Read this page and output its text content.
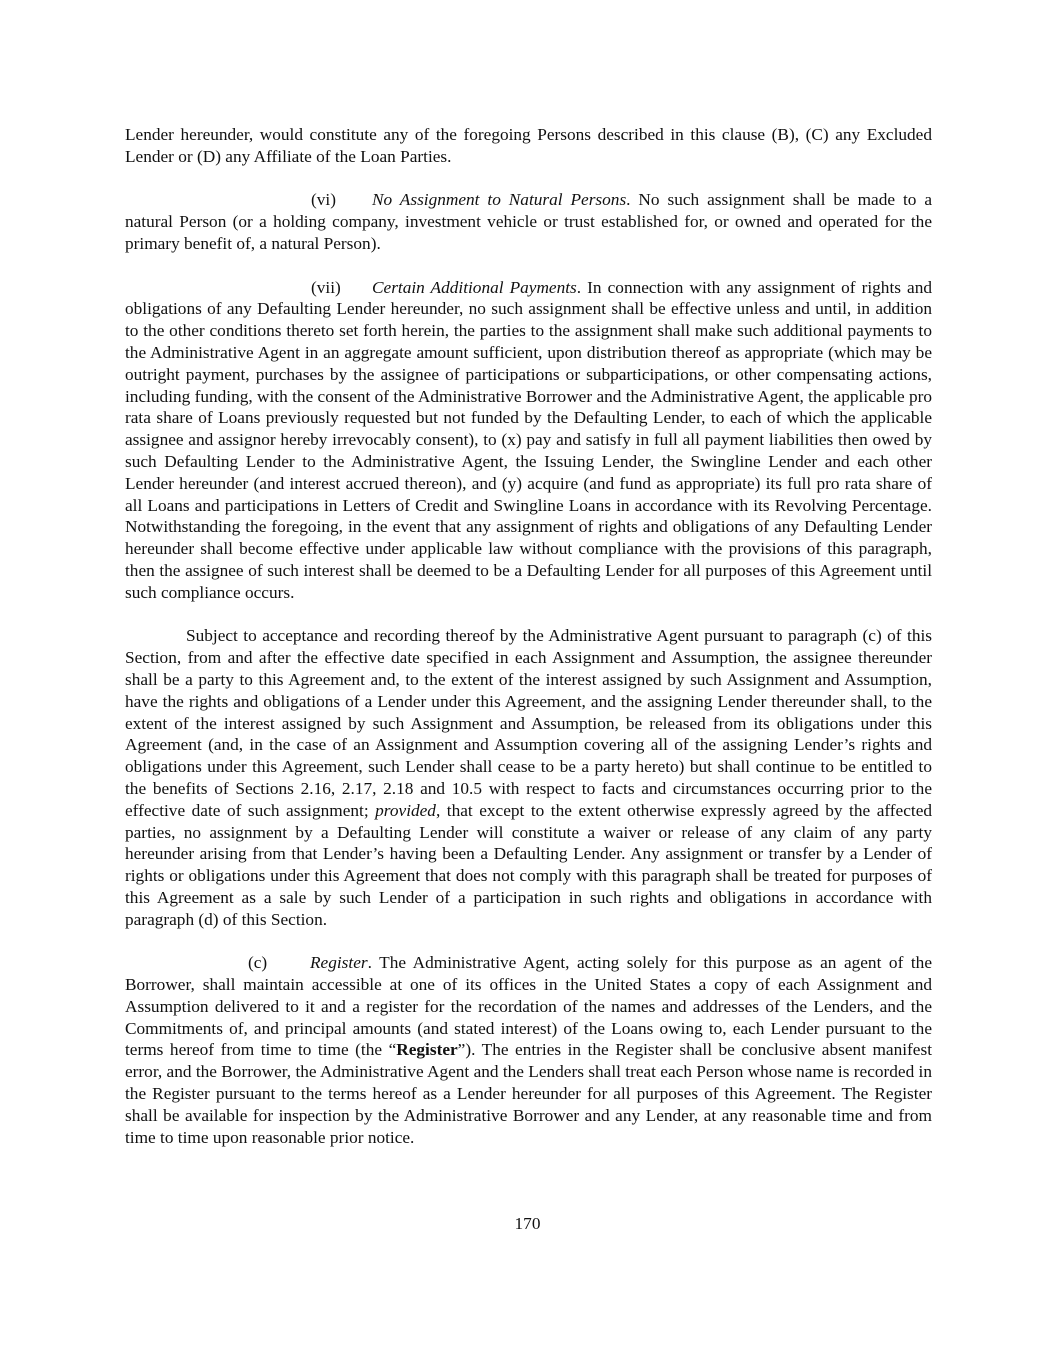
Lender hereunder, would constitute any of the foregoing Persons described in this clause (B), (C) any Excluded Lender or (D) any Affiliate of the Loan Parties.

(vi) No Assignment to Natural Persons. No such assignment shall be made to a natural Person (or a holding company, investment vehicle or trust established for, or owned and operated for the primary benefit of, a natural Person).

(vii) Certain Additional Payments. In connection with any assignment of rights and obligations of any Defaulting Lender hereunder, no such assignment shall be effective unless and until, in addition to the other conditions thereto set forth herein, the parties to the assignment shall make such additional payments to the Administrative Agent in an aggregate amount sufficient, upon distribution thereof as appropriate (which may be outright payment, purchases by the assignee of participations or subparticipations, or other compensating actions, including funding, with the consent of the Administrative Borrower and the Administrative Agent, the applicable pro rata share of Loans previously requested but not funded by the Defaulting Lender, to each of which the applicable assignee and assignor hereby irrevocably consent), to (x) pay and satisfy in full all payment liabilities then owed by such Defaulting Lender to the Administrative Agent, the Issuing Lender, the Swingline Lender and each other Lender hereunder (and interest accrued thereon), and (y) acquire (and fund as appropriate) its full pro rata share of all Loans and participations in Letters of Credit and Swingline Loans in accordance with its Revolving Percentage. Notwithstanding the foregoing, in the event that any assignment of rights and obligations of any Defaulting Lender hereunder shall become effective under applicable law without compliance with the provisions of this paragraph, then the assignee of such interest shall be deemed to be a Defaulting Lender for all purposes of this Agreement until such compliance occurs.

Subject to acceptance and recording thereof by the Administrative Agent pursuant to paragraph (c) of this Section, from and after the effective date specified in each Assignment and Assumption, the assignee thereunder shall be a party to this Agreement and, to the extent of the interest assigned by such Assignment and Assumption, have the rights and obligations of a Lender under this Agreement, and the assigning Lender thereunder shall, to the extent of the interest assigned by such Assignment and Assumption, be released from its obligations under this Agreement (and, in the case of an Assignment and Assumption covering all of the assigning Lender’s rights and obligations under this Agreement, such Lender shall cease to be a party hereto) but shall continue to be entitled to the benefits of Sections 2.16, 2.17, 2.18 and 10.5 with respect to facts and circumstances occurring prior to the effective date of such assignment; provided, that except to the extent otherwise expressly agreed by the affected parties, no assignment by a Defaulting Lender will constitute a waiver or release of any claim of any party hereunder arising from that Lender’s having been a Defaulting Lender. Any assignment or transfer by a Lender of rights or obligations under this Agreement that does not comply with this paragraph shall be treated for purposes of this Agreement as a sale by such Lender of a participation in such rights and obligations in accordance with paragraph (d) of this Section.

(c) Register. The Administrative Agent, acting solely for this purpose as an agent of the Borrower, shall maintain accessible at one of its offices in the United States a copy of each Assignment and Assumption delivered to it and a register for the recordation of the names and addresses of the Lenders, and the Commitments of, and principal amounts (and stated interest) of the Loans owing to, each Lender pursuant to the terms hereof from time to time (the “Register”). The entries in the Register shall be conclusive absent manifest error, and the Borrower, the Administrative Agent and the Lenders shall treat each Person whose name is recorded in the Register pursuant to the terms hereof as a Lender hereunder for all purposes of this Agreement. The Register shall be available for inspection by the Administrative Borrower and any Lender, at any reasonable time and from time to time upon reasonable prior notice.

170
